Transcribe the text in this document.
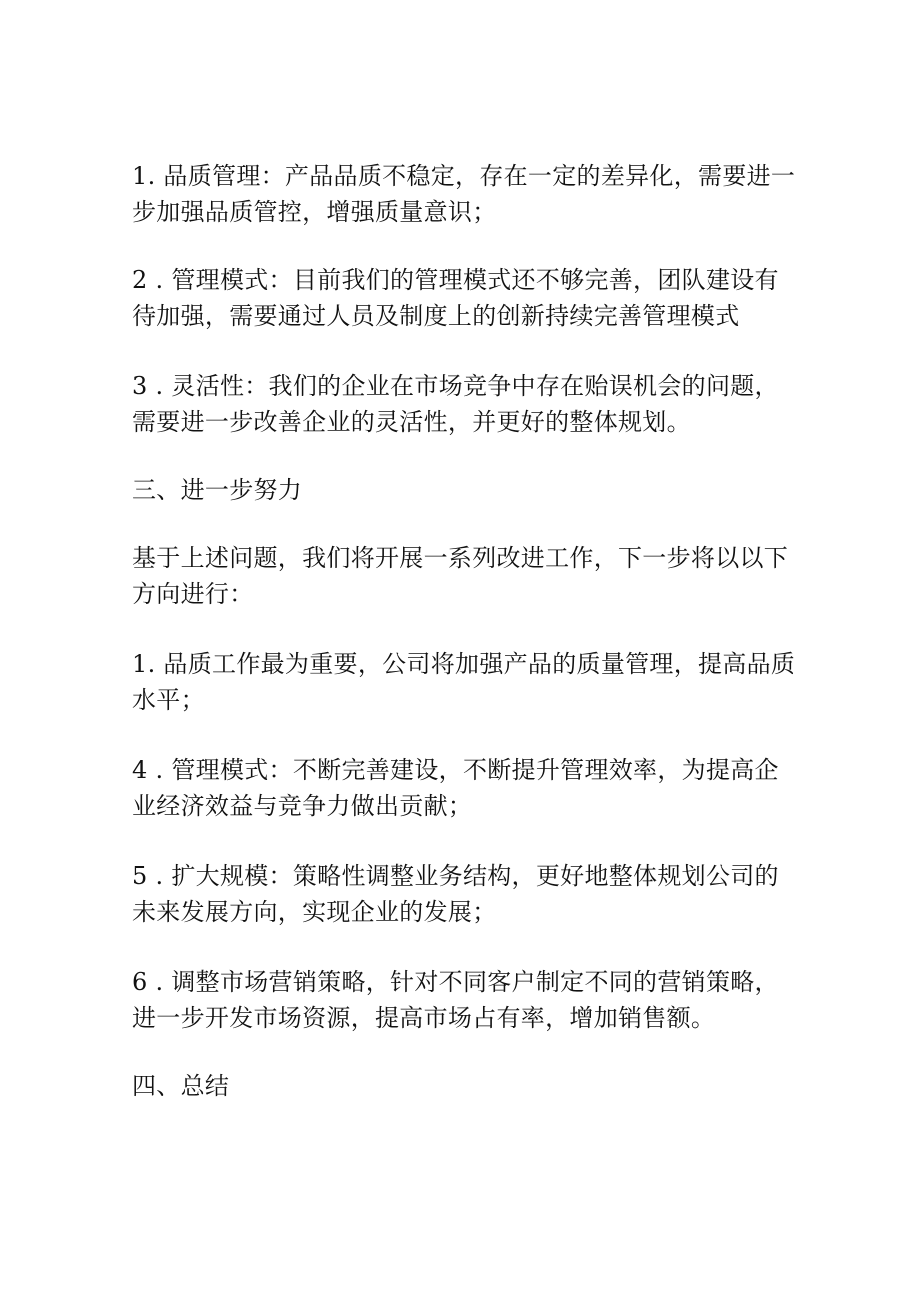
1. 品质管理：产品品质不稳定，存在一定的差异化，需要进一步加强品质管控，增强质量意识；

2 . 管理模式：目前我们的管理模式还不够完善，团队建设有待加强，需要通过人员及制度上的创新持续完善管理模式

3 . 灵活性：我们的企业在市场竞争中存在贻误机会的问题，需要进一步改善企业的灵活性，并更好的整体规划。

三、进一步努力

基于上述问题，我们将开展一系列改进工作，下一步将以以下方向进行：

1. 品质工作最为重要，公司将加强产品的质量管理，提高品质水平；

4 . 管理模式：不断完善建设，不断提升管理效率，为提高企业经济效益与竞争力做出贡献；

5 . 扩大规模：策略性调整业务结构，更好地整体规划公司的未来发展方向，实现企业的发展；

6 . 调整市场营销策略，针对不同客户制定不同的营销策略，进一步开发市场资源，提高市场占有率，增加销售额。

四、总结
